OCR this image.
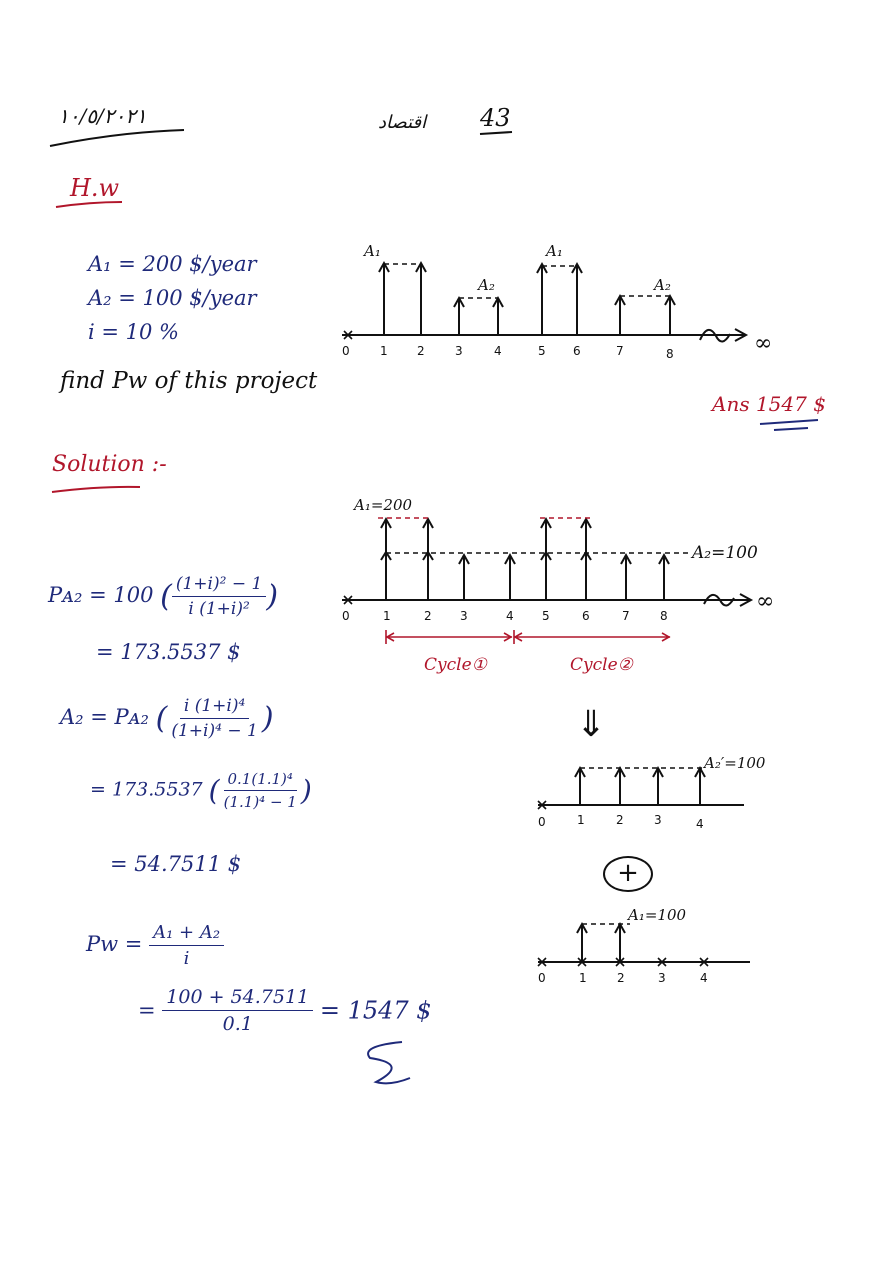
١٠/٥/٢٠٢١	اقتصاد 43
H.w
A₁ = 200 $/year
A₂ = 100 $/year
i = 10 %
find Pw of this project
Ans 1547 $
0	1 2	3	4	5 6	7	8
A₁
A₂
A₁
A₂
∞
Solution :-
Pᴀ₂ = 100 ( $\frac{\text{(1+i)² − 1}}{\text{i (1+i)²}}$ )
= 173.5537 $
A₂ = Pᴀ₂ ( $\frac{\text{i (1+i)⁴}}{\text{(1+i)⁴ − 1}}$ )
= 173.5537 ( $\frac{\text{0.1(1.1)⁴}}{\text{(1.1)⁴ − 1}}$ )
= 54.7511 $
$Pw = \frac{\text{A₁ + A₂}}{i}$
= $\frac{100 + 54.7511}{0.1} = 1547$ $
0	1	2 3	4 5	6	7	8
A₁=200
A₂=100
∞
Cycle①	Cycle②
⇓
0	1	2	3	4
A₂′=100
+
0	1	2	3	4
A₁=100
